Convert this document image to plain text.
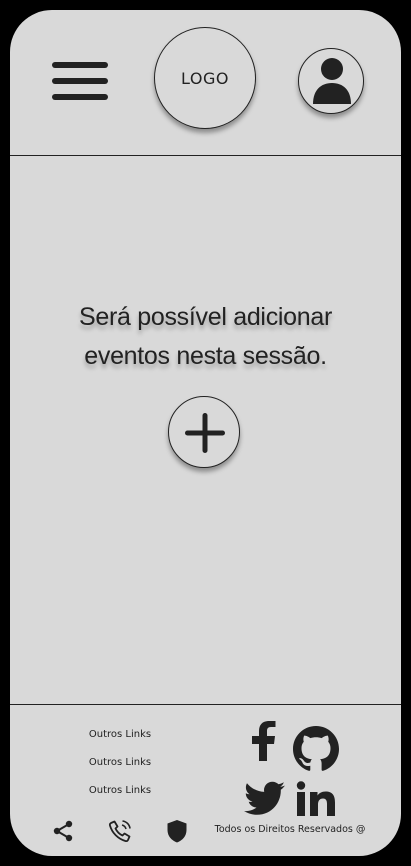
LOGO
Será possível adicionar
eventos nesta sessão.
Outros Links
Outros Links
Outros Links
Todos os Direitos Reservados @
